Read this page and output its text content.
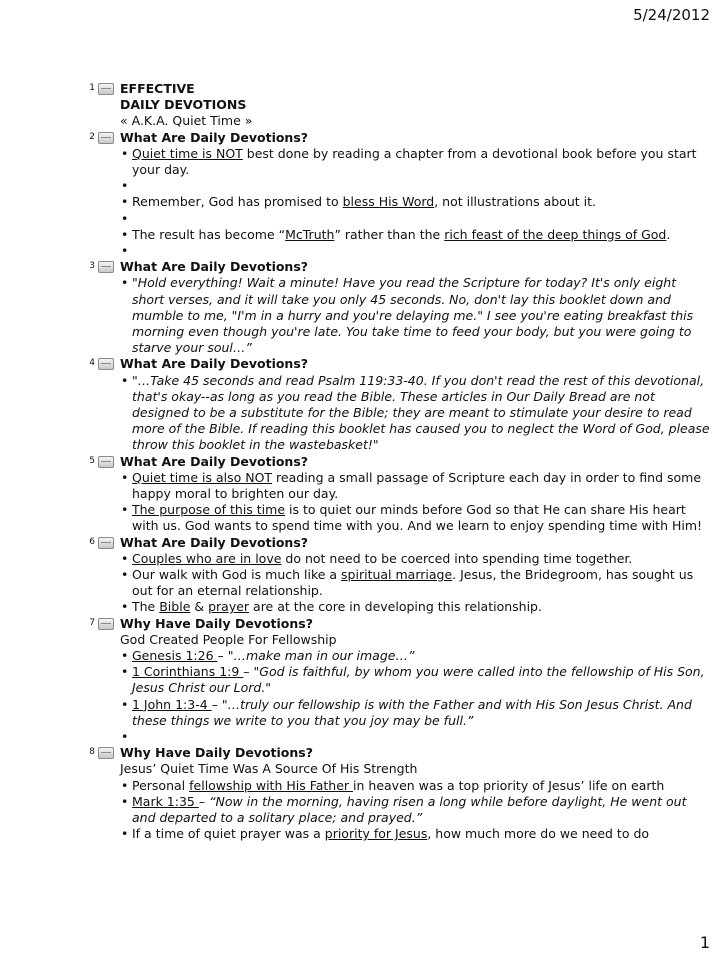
5/24/2012
1 EFFECTIVE
DAILY DEVOTIONS
« A.K.A. Quiet Time »
2 What Are Daily Devotions?
• Quiet time is NOT best done by reading a chapter from a devotional book before you start your day.
•
• Remember, God has promised to bless His Word, not illustrations about it.
•
• The result has become “McTruth” rather than the rich feast of the deep things of God.
•
3 What Are Daily Devotions?
• "Hold everything! Wait a minute! Have you read the Scripture for today? It's only eight short verses, and it will take you only 45 seconds. No, don't lay this booklet down and mumble to me, "I'm in a hurry and you're delaying me." I see you're eating breakfast this morning even though you're late. You take time to feed your body, but you were going to starve your soul…”
4 What Are Daily Devotions?
• "…Take 45 seconds and read Psalm 119:33-40. If you don't read the rest of this devotional, that's okay--as long as you read the Bible. These articles in Our Daily Bread are not designed to be a substitute for the Bible; they are meant to stimulate your desire to read more of the Bible. If reading this booklet has caused you to neglect the Word of God, please throw this booklet in the wastebasket!"
5 What Are Daily Devotions?
• Quiet time is also NOT reading a small passage of Scripture each day in order to find some happy moral to brighten our day.
• The purpose of this time is to quiet our minds before God so that He can share His heart with us. God wants to spend time with you. And we learn to enjoy spending time with Him!
6 What Are Daily Devotions?
• Couples who are in love do not need to be coerced into spending time together.
• Our walk with God is much like a spiritual marriage. Jesus, the Bridegroom, has sought us out for an eternal relationship.
• The Bible & prayer are at the core in developing this relationship.
7 Why Have Daily Devotions?
God Created People For Fellowship
• Genesis 1:26 – "…make man in our image…”
• 1 Corinthians 1:9 – "God is faithful, by whom you were called into the fellowship of His Son, Jesus Christ our Lord."
• 1 John 1:3-4 – "…truly our fellowship is with the Father and with His Son Jesus Christ. And these things we write to you that you joy may be full.”
•
8 Why Have Daily Devotions?
Jesus’ Quiet Time Was A Source Of His Strength
• Personal fellowship with His Father in heaven was a top priority of Jesus’ life on earth
• Mark 1:35 – “Now in the morning, having risen a long while before daylight, He went out and departed to a solitary place; and prayed.”
• If a time of quiet prayer was a priority for Jesus, how much more do we need to do
1
